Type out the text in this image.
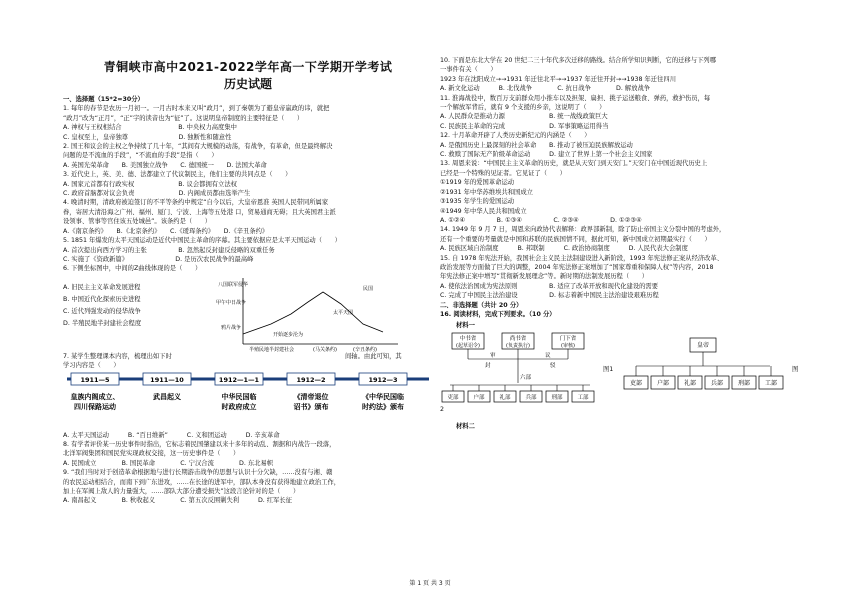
青铜峡市高中2021-2022学年高一下学期开学考试
历史试题
一、选择题（15*2=30分）
1. 每年的春节是农历一月初一。一月古时本来又叫“政月”，到了秦朝为了避皇帝嬴政的讳，就把
“政月”改为“正月”，“正”字的读音也为“征”了。这说明皇帝制度的主要特征是（　　）
A. 神权与王权相结合　　　　　　　　　B. 中央权力高度集中
C. 皇权至上，皇帝独尊　　　　　　　　D. 独断性和随意性
2. 国王和议会的主权之争持续了几十年，“其间有大规模的动荡，有战争，有革命，但是最终解决
问题的是不流血的手段”，“不流血的手段”是指（　　）
A. 英国光荣革命　　B. 美国独立战争　　C. 德国统一　　D. 法国大革命
3. 近代史上，英、美、德、法都建立了代议制民主，他们主要的共同点是（　　）
A. 国家元首都有行政实权　　　　　　　B. 议会都拥有立法权
C. 政府首脑都对议会负责　　　　　　　D. 内阁成员都由选举产生
4. 晚清时期，清政府被迫签订的不平等条约中规定“自今以后，大皇帝恩准 英国人民带同所属家
眷，寄居大清沿海之广州、福州、厦门、宁波、上海等五处港 口，贸易通商无碍；且大英国君主派
设领事、管事等官住该五处城邑”。该条约是（　　）
A.《南京条约》　　B.《北京条约》　　C.《瑷珲条约》　　D.《辛丑条约》
5. 1851 年爆发的太平天国运动是近代中国民主革命的序幕。其主要依据应是太平天国运动（　　）
A. 首次提出向西方学习的主张　　　　　B. 忽然起反封建反侵略的双重任务
C. 实施了《资政新篇》　　　　　　　　D. 是历次农民战争的最高峰
6. 下侧坐标图中，中间的Z曲线体现的是（　　）
A. 旧民主主义革命发展进程
B. 中国近代化探索历史进程
C. 近代列强发动的侵华战争
D. 半殖民地半封建社会程度
八国联军侵华
甲午中日战争
鸦片战争
开始逐步沦为
太平天国
民国
半殖民地半封建社会	(马关条约)	(辛丑条约)
7. 某学生整理课本内容，梳理出如下时	间轴。由此可知，其
学习内容是（　　）
1911—5
皇族内阁成立、
四川保路运动
1911—10
武昌起义
1912—1—1
中华民国临
时政府成立
1912—2
《清帝退位
诏书》颁布
1912—3
《中华民国临
时约法》颁布
A. 太平天国运动　　　B. “百日维新”　　　C. 义和团运动　　　D. 辛亥革命
8. 有学者评价某一历史事件时指出，它标志着民国肇建以来十多年的动乱、割据和内战告一段落，
北洋军阀集团和国民党实现政权交接，这一历史事件是（　　）
A. 民国成立　　　　B. 国民革命　　　　C. 宁汉合流　　　　D. 东北易帜
9. “我们当时对于创造革命根据地与进行长期游击战争的思想与认识十分欠缺，……没有与湘、赣
的农民运动相结合，而南下到广东进攻，……在长途的进军中，部队本身没有获得地建立政治工作，
加上在军阀上敌人的力量强大，……部队大部分遭受损失”这段言论针对的是（　　）
A. 南昌起义　　　　B. 秋收起义　　　　C. 第五次反围剿失利　　　D. 红军长征
10. 下面是东北大学在 20 世纪二三十年代多次迁移的路线。结合所学知识判断，它的迁移与下列哪
一事件有关（　　）
1923 年在沈阳成立→→1931 年迁往北平→→1937 年迁往开封→→1938 年迁往四川
A. 新文化运动　　　B. 北伐战争　　　　C. 抗日战争　　　　D. 解放战争
11. 淮海战役中，数百万支前群众用小推车以及担架、扁担、挑子运送粮食、弹药，救护伤员，每
一个解放军背后，就有 9 个支援的乡亲，这说明了（　　）
A. 人民群众是推动力源　　　　　　　B. 统一战线政策巨大
C. 民族民主革命的完成　　　　　　　D. 军事策略运用得当
12. 十月革命开辟了人类历史新纪元的内涵是（　　）
A. 是俄国历史上最深刻的社会革命　　B. 推动了被压迫民族解放运动
C. 救赎了国际无产阶级革命运动　　　D. 建立了世界上第一个社会主义国家
13. 周恩来说：“中国民主主义革命的历史，就是从天安门到天安门。”天安门在中国近现代历史上
已经是一个特殊的见证者。它见证了（　　）
①1919 年的爱国革命运动
②1931 年中华苏维埃共和国成立
③1935 年学生的爱国运动
④1949 年中华人民共和国成立
A. ①②④　　　　　B. ①③④　　　　　C. ②③④　　　　　D. ①②③④
14. 1949 年 9 月 7 日，周恩来向政协代表解释：政界部新制，除了防止帝国主义分裂中国的考虑外，
还有一个重要的考量就是中国和苏联的民族国情不同，据此可知，新中国成立初期最实行（　　）
A. 民族区域自治制度　　　B. 邦联制　　　C. 政治协商制度　　　D. 人民代表大会制度
15. 自 1978 年宪法开始，我国社会主义民主法制建设进入新阶段，1993 年宪法修正案从经济改革、
政治发展等方面做了巨大的调整，2004 年宪法修正案增加了“国家尊重和保障人权”等内容，2018
年宪法修正案中增写“贯彻新发展理念”等。新时期的法制发展历程（　　）
A. 使依法治国成为宪法原则　　　　　B. 适应了改革开放和现代化建设的需要
C. 完成了中国民主法治建设　　　　　D. 标志着新中国民主法治建设艰难历程
二、非选择题（共计 20 分）
16. 阅读材料，完成下列要求。（10 分）
材料一
中书省
(起草诏令)
尚书省
(负责执行)
门下省
(审核)
审	议
封	驳
六部
吏部	户部	礼部	兵部	刑部	工部
图1
皇帝
吏部 户部 礼部 兵部 刑部 工部
图
2
材料二
第 1 页 共 3 页
